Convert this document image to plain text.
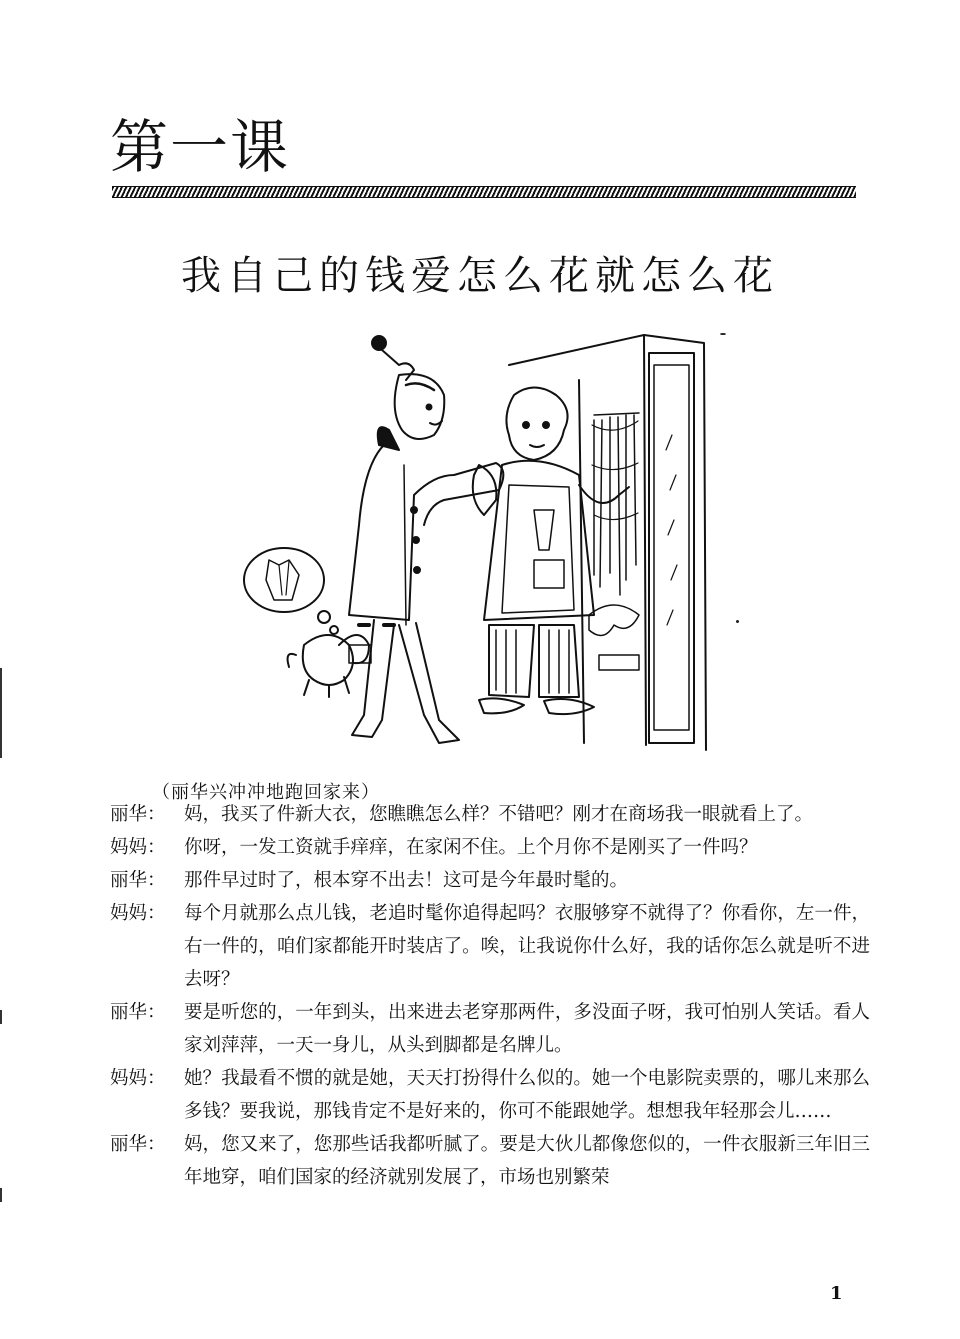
第一课
我自己的钱爱怎么花就怎么花
（丽华兴冲冲地跑回家来）
丽华： 妈，我买了件新大衣，您瞧瞧怎么样？不错吧？刚才在商场我一眼就看上了。
妈妈： 你呀，一发工资就手痒痒，在家闲不住。上个月你不是刚买了一件吗？
丽华： 那件早过时了，根本穿不出去！这可是今年最时髦的。
妈妈： 每个月就那么点儿钱，老追时髦你追得起吗？衣服够穿不就得了？你看你，左一件，右一件的，咱们家都能开时装店了。唉，让我说你什么好，我的话你怎么就是听不进去呀？
丽华： 要是听您的，一年到头，出来进去老穿那两件，多没面子呀，我可怕别人笑话。看人家刘萍萍，一天一身儿，从头到脚都是名牌儿。
妈妈： 她？我最看不惯的就是她，天天打扮得什么似的。她一个电影院卖票的，哪儿来那么多钱？要我说，那钱肯定不是好来的，你可不能跟她学。想想我年轻那会儿……
丽华： 妈，您又来了，您那些话我都听腻了。要是大伙儿都像您似的，一件衣服新三年旧三年地穿，咱们国家的经济就别发展了，市场也别繁荣
1
